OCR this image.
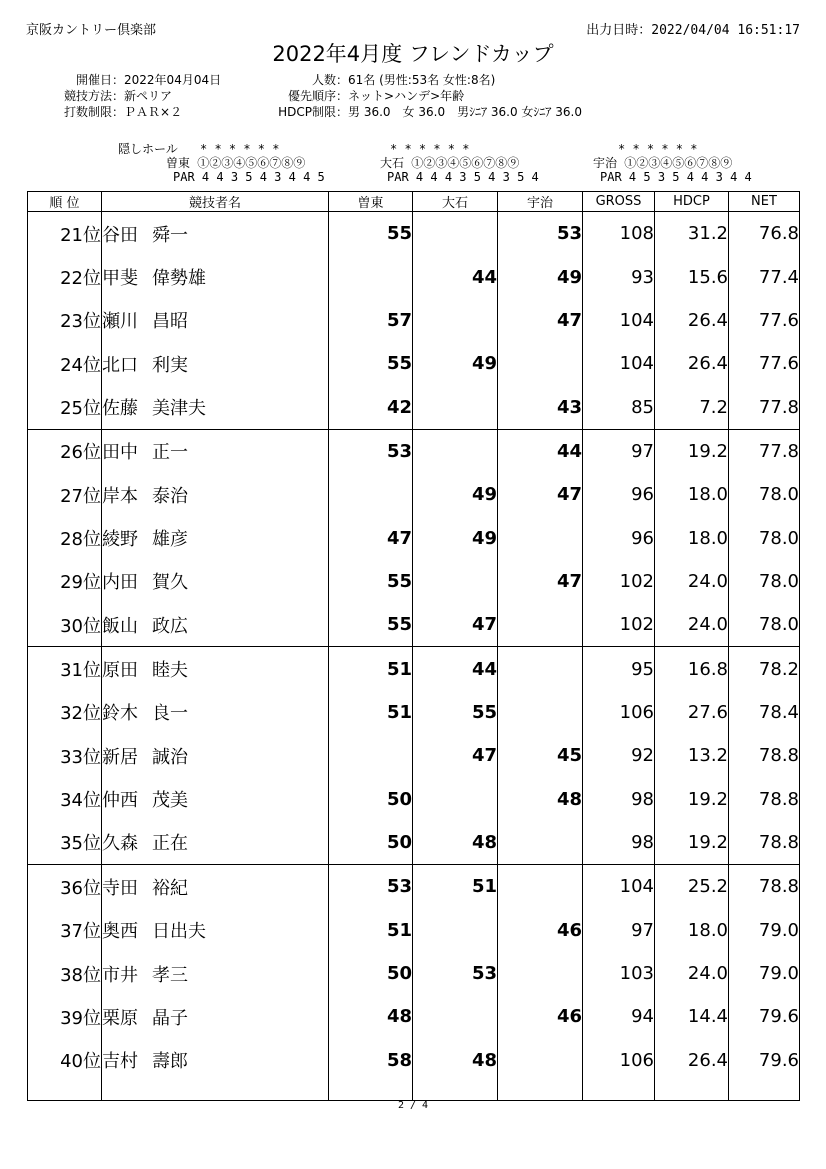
京阪カントリー倶楽部	出力日時：2022/04/04 16:51:17
2022年4月度 フレンドカップ
開催日 ： 2022年04月04日
競技方法 ： 新ペリア
打数制限 ： ＰＡＲ×２
人数 ： 61名 (男性:53名 女性:8名)
優先順序 ： ネット>ハンデ>年齢
HDCP制限 ： 男 36.0　女 36.0　男ｼﾆｱ 36.0 女ｼﾆｱ 36.0
隠しホール * * * * * *
曽東 ①②③④⑤⑥⑦⑧⑨
PAR 4 4 3 5 4 3 4 4 5
* * * * * *
大石 ①②③④⑤⑥⑦⑧⑨
PAR 4 4 4 3 5 4 3 5 4
* * * * * *
宇治 ①②③④⑤⑥⑦⑧⑨
PAR 4 5 3 5 4 4 3 4 4
順 位	競技者名	曽東	大石	宇治	GROSS	HDCP	NET
21位	谷田 舜一	55		53	108	31.2	76.8
22位	甲斐 偉勢雄		44	49	93	15.6	77.4
23位	瀬川 昌昭	57		47	104	26.4	77.6
24位	北口 利実	55	49		104	26.4	77.6
25位	佐藤 美津夫	42		43	85	7.2	77.8
26位	田中 正一	53		44	97	19.2	77.8
27位	岸本 泰治		49	47	96	18.0	78.0
28位	綾野 雄彦	47	49		96	18.0	78.0
29位	内田 賀久	55		47	102	24.0	78.0
30位	飯山 政広	55	47		102	24.0	78.0
31位	原田 睦夫	51	44		95	16.8	78.2
32位	鈴木 良一	51	55		106	27.6	78.4
33位	新居 誠治		47	45	92	13.2	78.8
34位	仲西 茂美	50		48	98	19.2	78.8
35位	久森 正在	50	48		98	19.2	78.8
36位	寺田 裕紀	53	51		104	25.2	78.8
37位	奥西 日出夫	51		46	97	18.0	79.0
38位	市井 孝三	50	53		103	24.0	79.0
39位	栗原 晶子	48		46	94	14.4	79.6
40位	吉村 壽郎	58	48		106	26.4	79.6

2 / 4
